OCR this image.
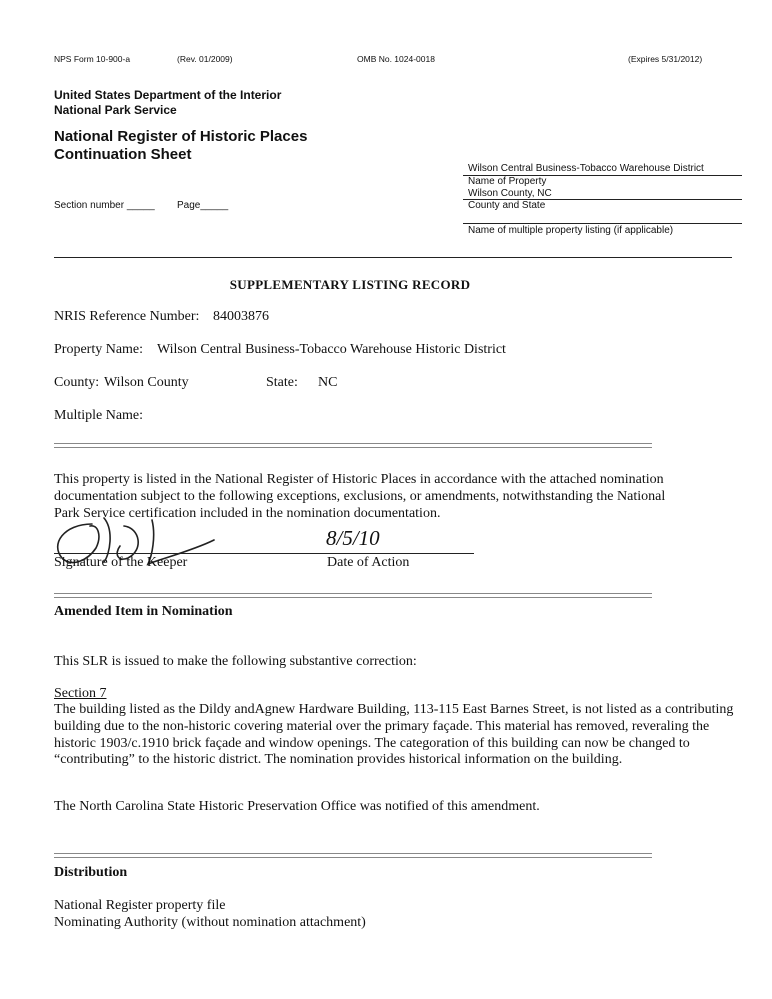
NPS Form 10-900-a	(Rev. 01/2009)	OMB No. 1024-0018	(Expires 5/31/2012)
United States Department of the Interior
National Park Service
National Register of Historic Places
Continuation Sheet
Wilson Central Business-Tobacco Warehouse District
Name of Property
Wilson County, NC
County and State
Name of multiple property listing (if applicable)
Section number _____ Page_____
SUPPLEMENTARY LISTING RECORD
NRIS Reference Number: 84003876
Property Name: Wilson Central Business-Tobacco Warehouse Historic District
County: Wilson County	State: NC
Multiple Name:
This property is listed in the National Register of Historic Places in accordance with the attached nomination
documentation subject to the following exceptions, exclusions, or amendments, notwithstanding the National
Park Service certification included in the nomination documentation.
Signature of the Keeper
8/5/10
Date of Action
Amended Item in Nomination
This SLR is issued to make the following substantive correction:
Section 7
The building listed as the Dildy andAgnew Hardware Building, 113-115 East Barnes Street, is not listed as a contributing
building due to the non-historic covering material over the primary façade. This material has removed, reveraling the
historic 1903/c.1910 brick façade and window openings. The categoration of this building can now be changed to
“contributing” to the historic district. The nomination provides historical information on the building.
The North Carolina State Historic Preservation Office was notified of this amendment.
Distribution
National Register property file
Nominating Authority (without nomination attachment)
